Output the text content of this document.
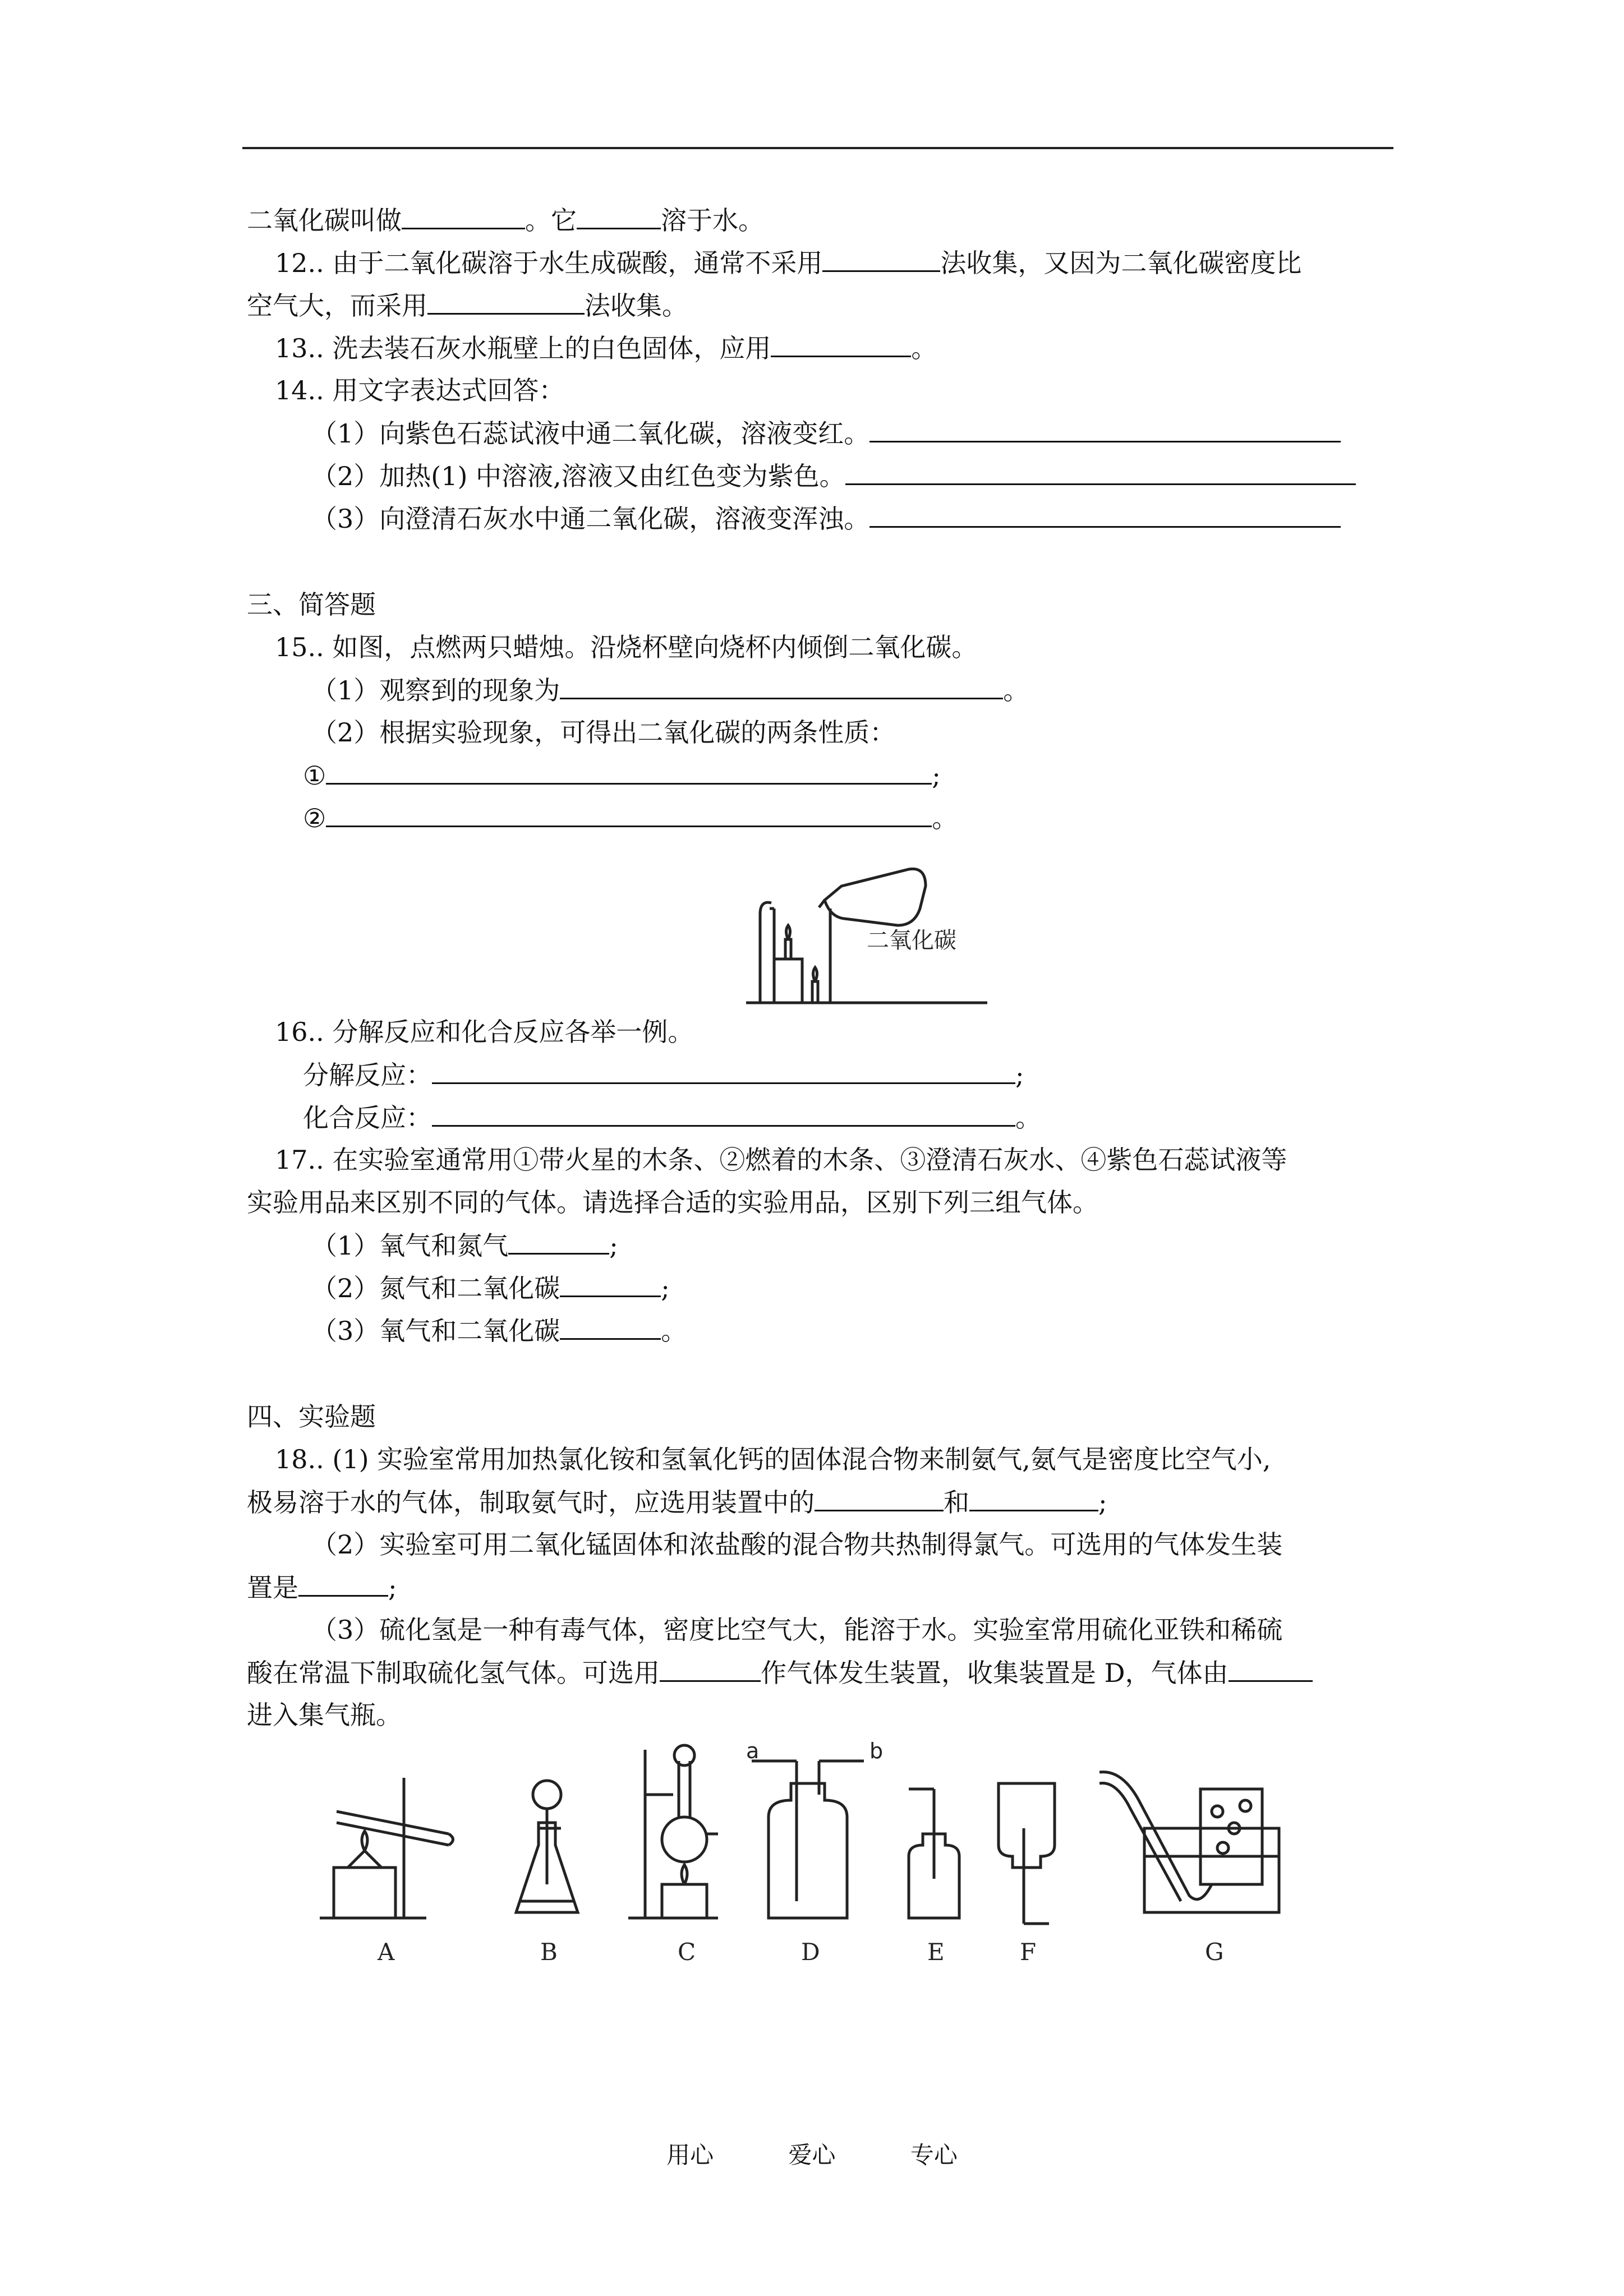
二氧化碳叫做	。它	溶于水。
12.. 由于二氧化碳溶于水生成碳酸，通常不采用	法收集，又因为二氧化碳密度比
空气大，而采用	法收集。
13.. 洗去装石灰水瓶壁上的白色固体，应用	。
14.. 用文字表达式回答：
（1）向紫色石蕊试液中通二氧化碳，溶液变红。
（2）加热(1) 中溶液,溶液又由红色变为紫色。
（3）向澄清石灰水中通二氧化碳，溶液变浑浊。
三、简答题
15.. 如图，点燃两只蜡烛。沿烧杯壁向烧杯内倾倒二氧化碳。
（1）观察到的现象为	。
（2）根据实验现象，可得出二氧化碳的两条性质：
①	;
②	。
二氧化碳
16.. 分解反应和化合反应各举一例。
分解反应：	;
化合反应：	。
17.. 在实验室通常用①带火星的木条、②燃着的木条、③澄清石灰水、④紫色石蕊试液等
实验用品来区别不同的气体。请选择合适的实验用品，区别下列三组气体。
（1）氧气和氮气	;
（2）氮气和二氧化碳	;
（3）氧气和二氧化碳	。
四、实验题
18.. (1) 实验室常用加热氯化铵和氢氧化钙的固体混合物来制氨气,氨气是密度比空气小,
极易溶于水的气体，制取氨气时，应选用装置中的	和	;
（2）实验室可用二氧化锰固体和浓盐酸的混合物共热制得氯气。可选用的气体发生装
置是	;
（3）硫化氢是一种有毒气体，密度比空气大，能溶于水。实验室常用硫化亚铁和稀硫
酸在常温下制取硫化氢气体。可选用	作气体发生装置，收集装置是 D，气体由
进入集气瓶。
a	b
A	B	C	D	E	F	G
用心	爱心	专心
